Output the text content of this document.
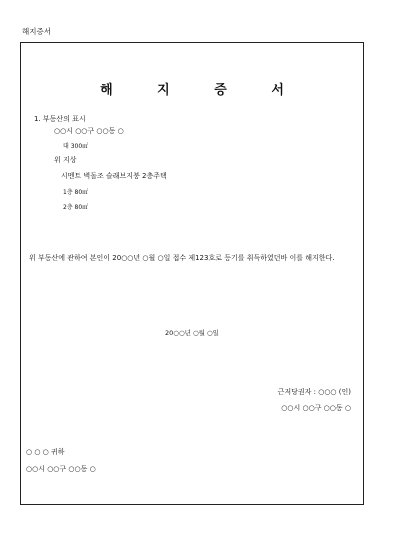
해지증서
해 지 증 서
1. 부동산의 표시
○○시 ○○구 ○○동 ○
대 300㎡
위 지상
시멘트 벽돌조 슬래브지붕 2층주택
1층 80㎡
2층 80㎡
위 부동산에 관하여 본인이 20○○년 ○월 ○일 접수 제123호로 등기를 취득하였던바 이를 해지한다.
20○○년 ○월 ○일
근저당권자 : ○○○ (인)
○○시 ○○구 ○○동 ○
○ ○ ○ 귀하
○○시 ○○구 ○○동 ○
